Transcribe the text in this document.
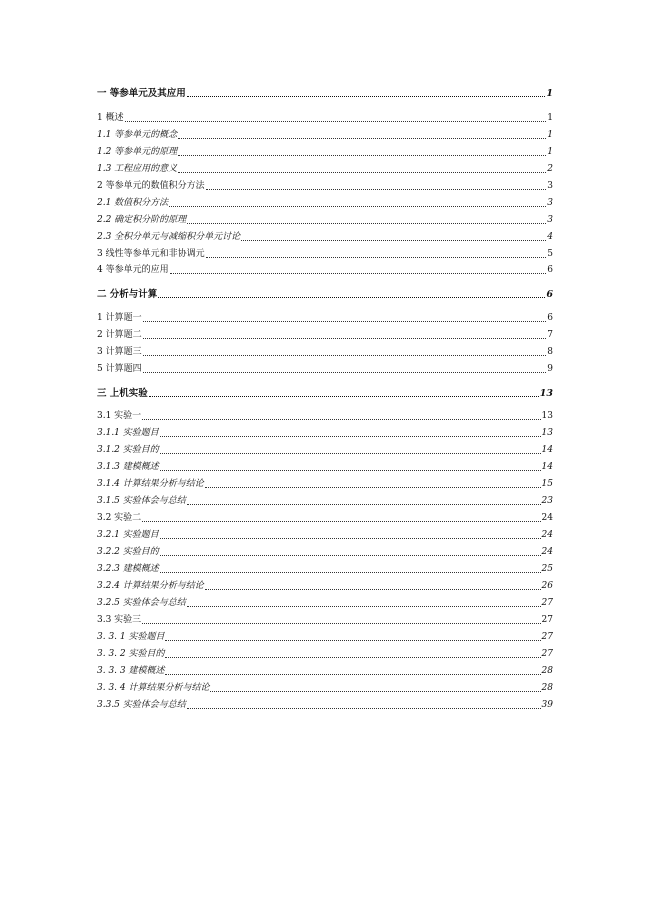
一 等参单元及其应用	1
1 概述	1
1.1 等参单元的概念	1
1.2 等参单元的原理	1
1.3 工程应用的意义	2
2 等参单元的数值积分方法	3
2.1 数值积分方法	3
2.2 确定积分阶的原理	3
2.3 全积分单元与减缩积分单元讨论	4
3 线性等参单元和非协调元	5
4 等参单元的应用	6
二 分析与计算	6
1 计算题一	6
2 计算题二	7
3 计算题三	8
5 计算题四	9
三 上机实验	13
3.1 实验一	13
3.1.1 实验题目	13
3.1.2 实验目的	14
3.1.3 建模概述	14
3.1.4 计算结果分析与结论	15
3.1.5 实验体会与总结	23
3.2 实验二	24
3.2.1 实验题目	24
3.2.2 实验目的	24
3.2.3 建模概述	25
3.2.4 计算结果分析与结论	26
3.2.5 实验体会与总结	27
3.3 实验三	27
3. 3. 1 实验题目	27
3. 3. 2 实验目的	27
3. 3. 3 建模概述	28
3. 3. 4 计算结果分析与结论	28
3.3.5 实验体会与总结	39
